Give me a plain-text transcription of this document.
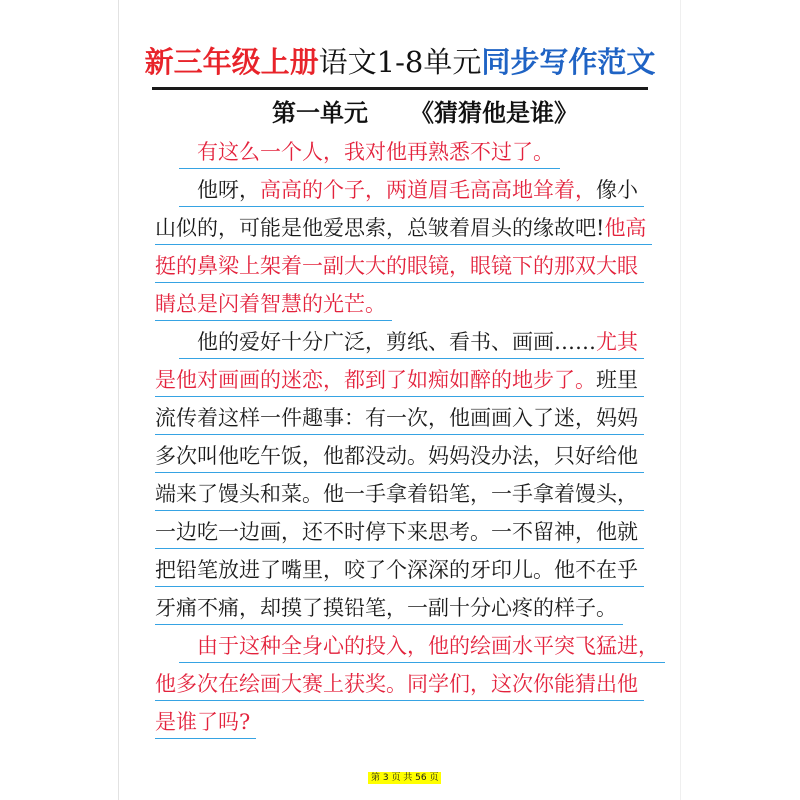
新三年级上册语文1-8单元同步写作范文
第一单元 《猜猜他是谁》
有这么一个人，我对他再熟悉不过了。
他呀，高高的个子，两道眉毛高高地耸着，像小
山似的，可能是他爱思索，总皱着眉头的缘故吧!他高
挺的鼻梁上架着一副大大的眼镜，眼镜下的那双大眼
睛总是闪着智慧的光芒。
他的爱好十分广泛，剪纸、看书、画画……尤其
是他对画画的迷恋，都到了如痴如醉的地步了。班里
流传着这样一件趣事：有一次，他画画入了迷，妈妈
多次叫他吃午饭，他都没动。妈妈没办法，只好给他
端来了馒头和菜。他一手拿着铅笔，一手拿着馒头，
一边吃一边画，还不时停下来思考。一不留神，他就
把铅笔放进了嘴里，咬了个深深的牙印儿。他不在乎
牙痛不痛，却摸了摸铅笔，一副十分心疼的样子。
由于这种全身心的投入，他的绘画水平突飞猛进，
他多次在绘画大赛上获奖。同学们，这次你能猜出他
是谁了吗?
第 3 页 共 56 页
